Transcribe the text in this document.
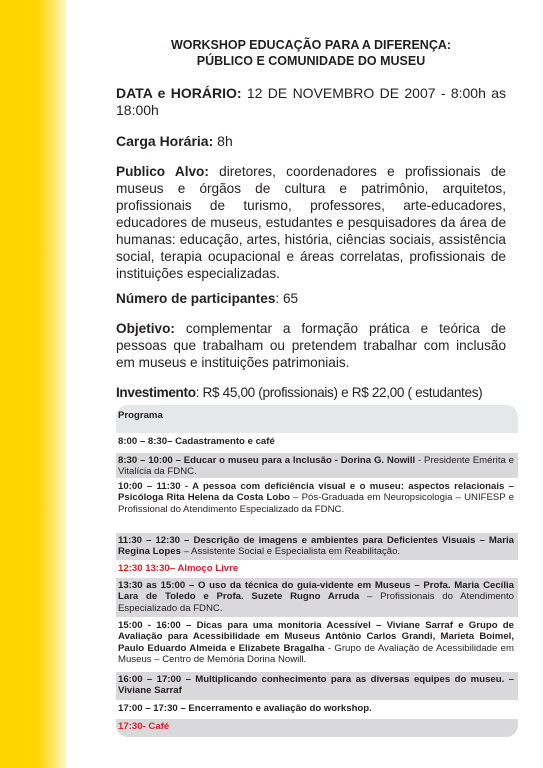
WORKSHOP EDUCAÇÃO PARA A DIFERENÇA:
PÚBLICO E COMUNIDADE DO MUSEU

DATA e HORÁRIO: 12 DE NOVEMBRO DE 2007 - 8:00h as 18:00h

Carga Horária: 8h

Publico Alvo: diretores, coordenadores e profissionais de museus e órgãos de cultura e patrimônio, arquitetos, profissionais de turismo, professores, arte-educadores, educadores de museus, estudantes e pesquisadores da área de humanas: educação, artes, história, ciências sociais, assistência social, terapia ocupacional e áreas correlatas, profissionais de instituições especializadas.

Número de participantes: 65

Objetivo: complementar a formação prática e teórica de pessoas que trabalham ou pretendem trabalhar com inclusão em museus e instituições patrimoniais.

Investimento: R$ 45,00 (profissionais) e R$ 22,00 ( estudantes)

Programa
8:00 – 8:30– Cadastramento e café
8:30 – 10:00 – Educar o museu para a Inclusão - Dorina G. Nowill - Presidente Emérita e Vitalícia da FDNC.
10:00 – 11:30 - A pessoa com deficiência visual e o museu: aspectos relacionais – Psicóloga Rita Helena da Costa Lobo – Pós-Graduada em Neuropsicologia – UNIFESP e Profissional do Atendimento Especializado da FDNC.
11:30 – 12:30 – Descrição de imagens e ambientes para Deficientes Visuais – Maria Regina Lopes – Assistente Social e Especialista em Reabilitação.
12:30 13:30– Almoço Livre
13:30 as 15:00 – O uso da técnica do guia-vidente em Museus – Profa. Maria Cecília Lara de Toledo e Profa. Suzete Rugno Arruda – Profissionais do Atendimento Especializado da FDNC.
15:00 - 16:00 – Dicas para uma monitoria Acessível – Viviane Sarraf e Grupo de Avaliação para Acessibilidade em Museus Antônio Carlos Grandi, Marieta Boimel, Paulo Eduardo Almeida e Elizabete Bragalha - Grupo de Avaliação de Acessibilidade em Museus – Centro de Memória Dorina Nowill.
16:00 – 17:00 – Multiplicando conhecimento para as diversas equipes do museu. – Viviane Sarraf
17:00 – 17:30 – Encerramento e avaliação do workshop.
17:30- Café
